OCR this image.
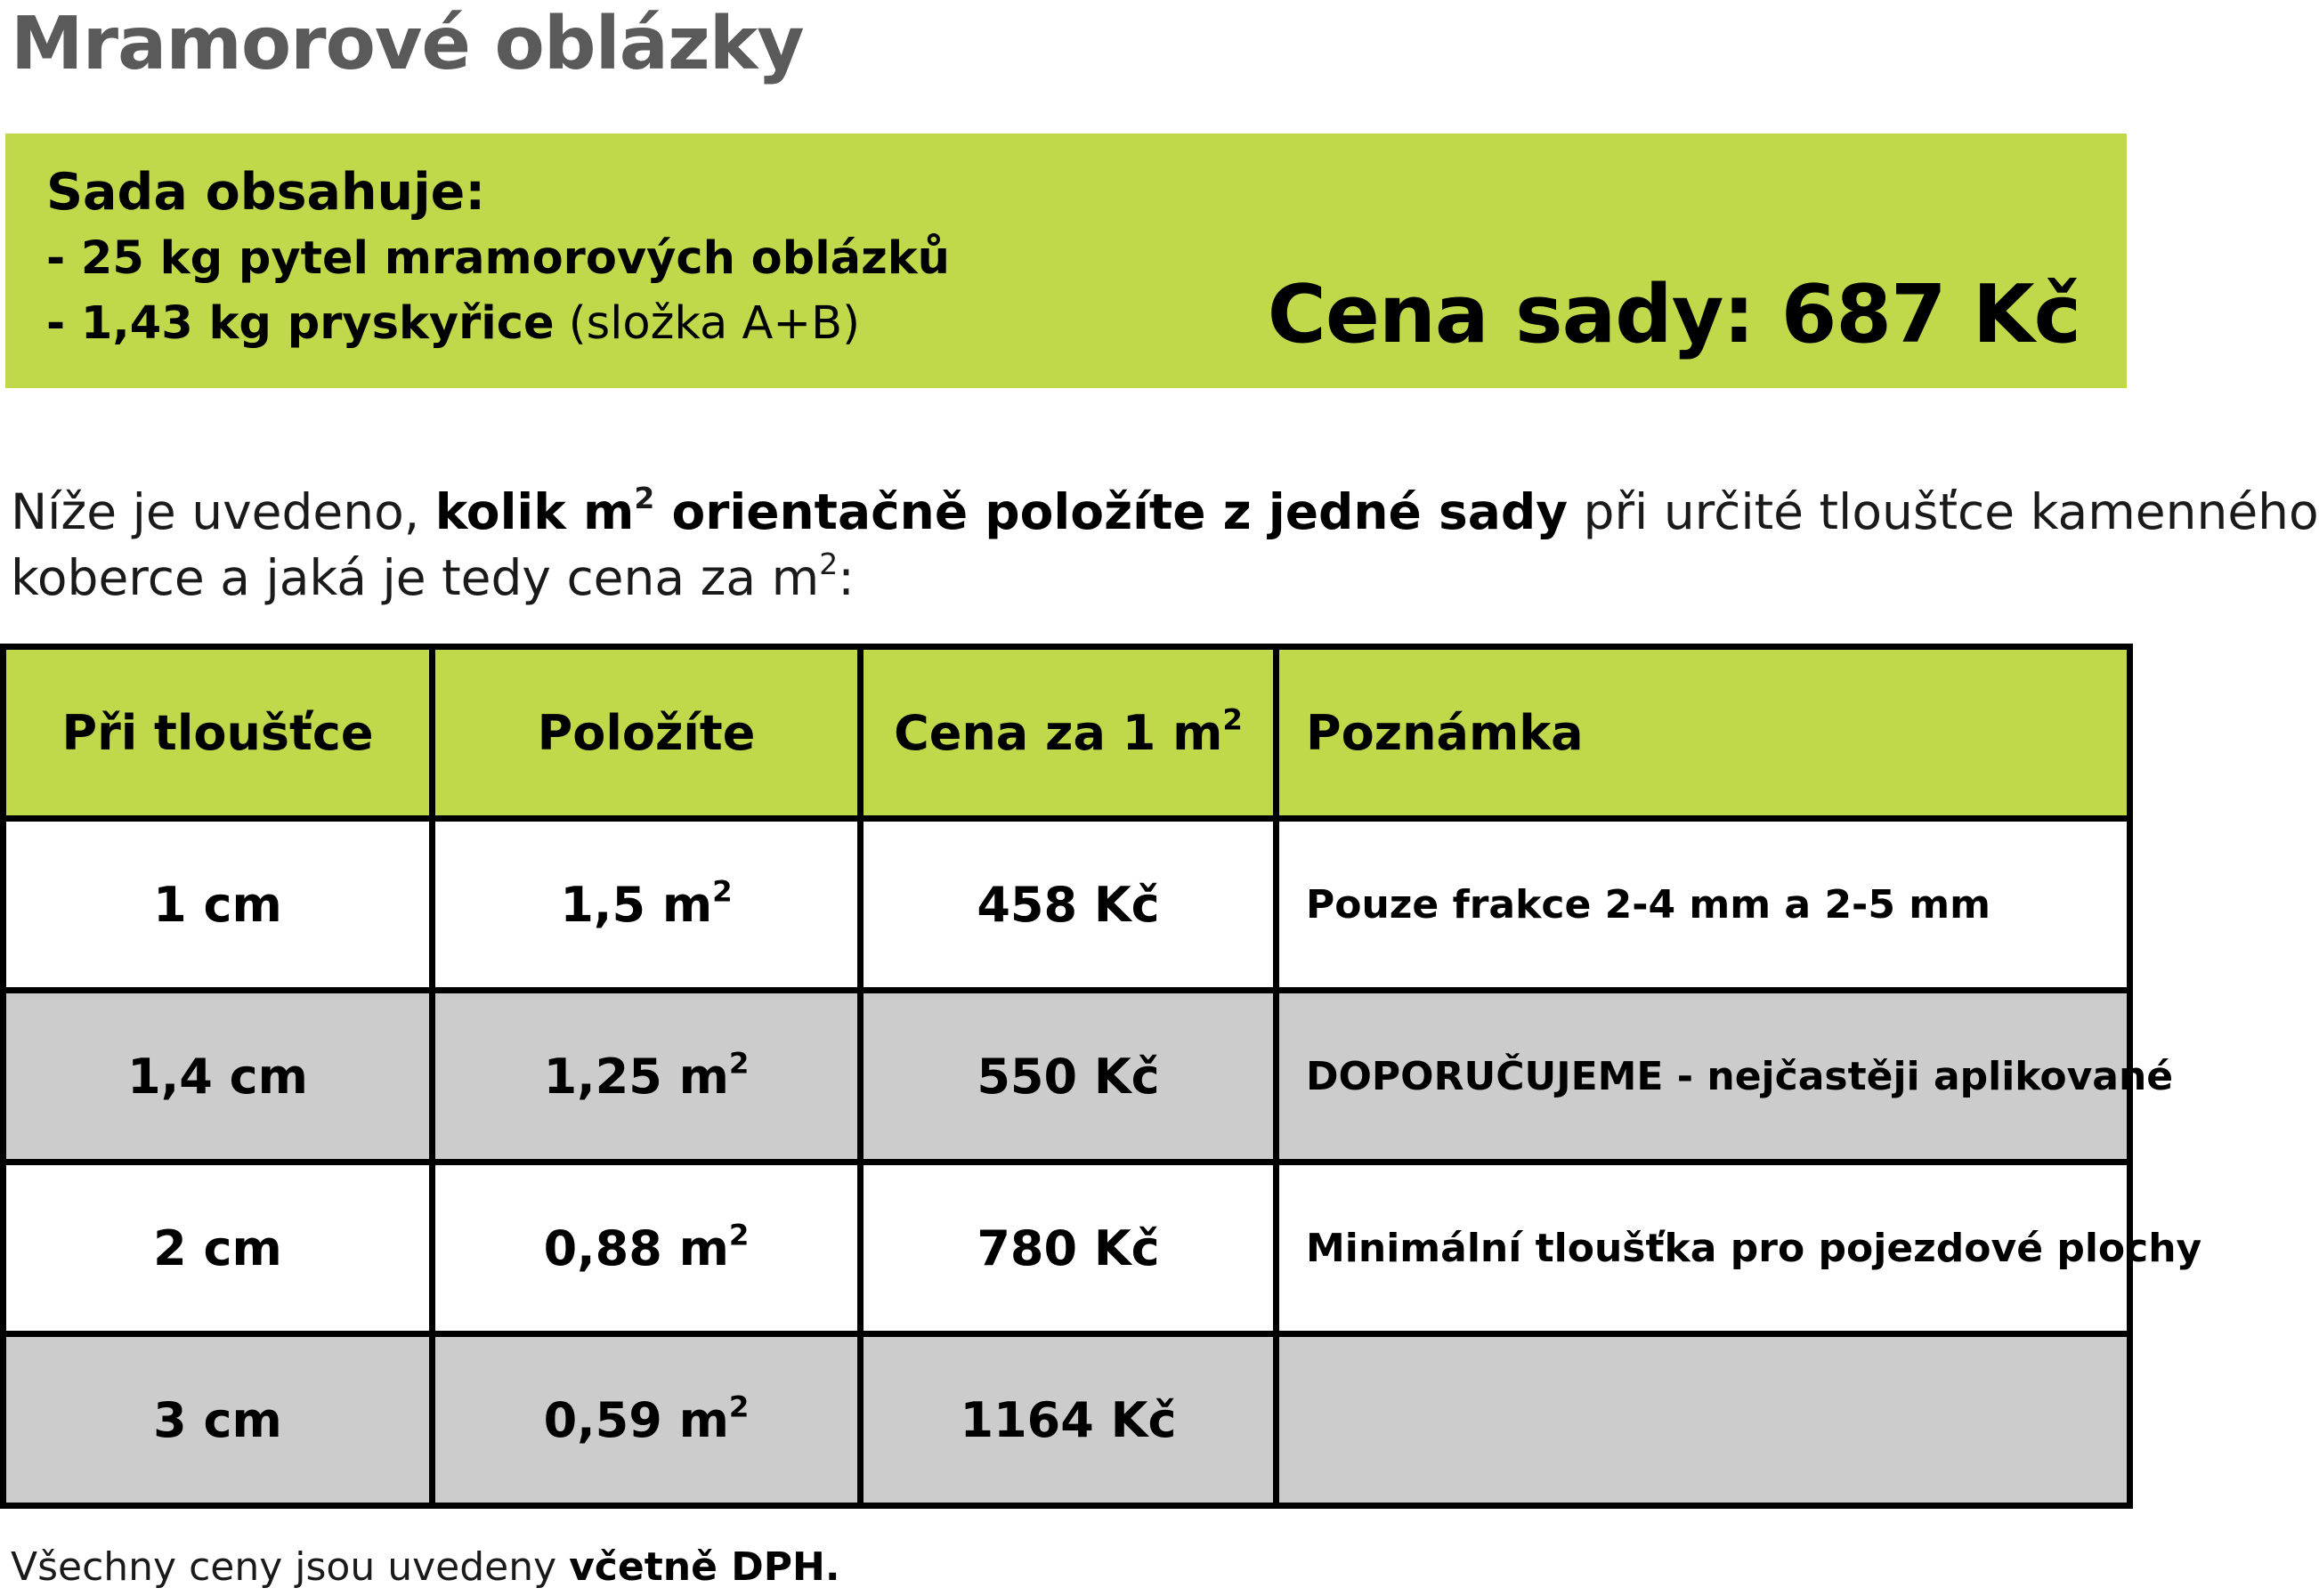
Mramorové oblázky
Sada obsahuje:
- 25 kg pytel mramorových oblázků
- 1,43 kg pryskyřice (složka A+B)	Cena sady: 687 Kč
Níže je uvedeno, kolik $m^2$ orientačně položíte z jedné sady při určité tloušťce kamenného
koberce a jaká je tedy cena za $m^2$:
Při tloušťce	Položíte	Cena za 1 $m^2$	Poznámka
1 cm	1,5 $m^2$	458 Kč	Pouze frakce 2-4 mm a 2-5 mm
1,4 cm	1,25 $m^2$	550 Kč	DOPORUČUJEME - nejčastěji aplikované
2 cm	0,88 $m^2$	780 Kč	Minimální tloušťka pro pojezdové plochy
3 cm	0,59 $m^2$	1164 Kč	
Všechny ceny jsou uvedeny včetně DPH.
